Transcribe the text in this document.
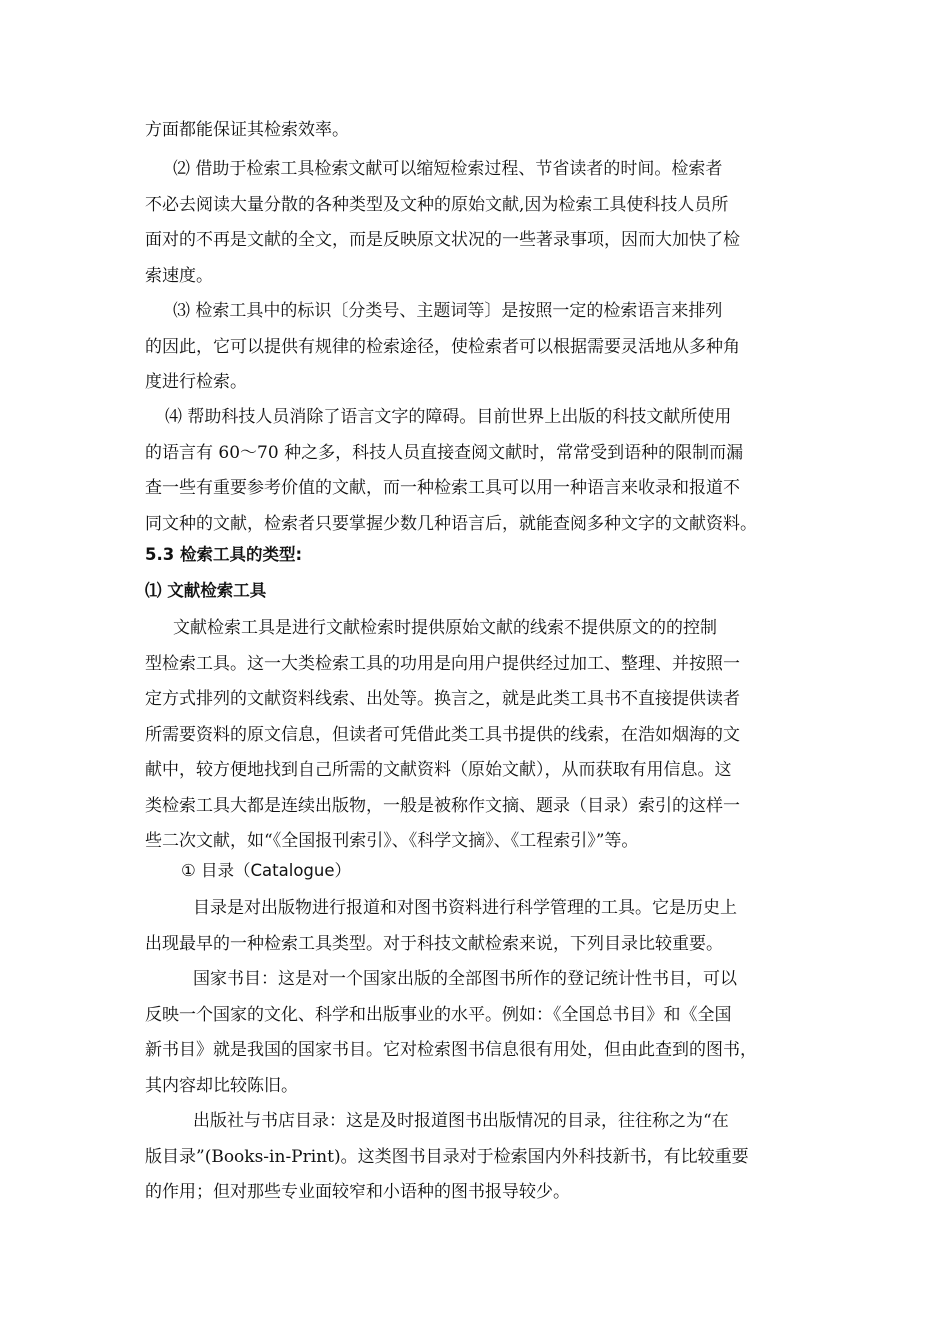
方面都能保证其检索效率。
⑵ 借助于检索工具检索文献可以缩短检索过程、节省读者的时间。检索者
不必去阅读大量分散的各种类型及文种的原始文献,因为检索工具使科技人员所
面对的不再是文献的全文，而是反映原文状况的一些著录事项，因而大加快了检
索速度。
⑶ 检索工具中的标识〔分类号、主题词等〕是按照一定的检索语言来排列
的因此，它可以提供有规律的检索途径，使检索者可以根据需要灵活地从多种角
度进行检索。
⑷ 帮助科技人员消除了语言文字的障碍。目前世界上出版的科技文献所使用
的语言有 60～70 种之多，科技人员直接查阅文献时，常常受到语种的限制而漏
查一些有重要参考价值的文献，而一种检索工具可以用一种语言来收录和报道不
同文种的文献，检索者只要掌握少数几种语言后，就能查阅多种文字的文献资料。
5.3 检索工具的类型:
⑴ 文献检索工具
文献检索工具是进行文献检索时提供原始文献的线索不提供原文的的控制
型检索工具。这一大类检索工具的功用是向用户提供经过加工、整理、并按照一
定方式排列的文献资料线索、出处等。换言之，就是此类工具书不直接提供读者
所需要资料的原文信息，但读者可凭借此类工具书提供的线索，在浩如烟海的文
献中，较方便地找到自己所需的文献资料（原始文献），从而获取有用信息。这
类检索工具大都是连续出版物，一般是被称作文摘、题录（目录）索引的这样一
些二次文献，如“《全国报刊索引》、《科学文摘》、《工程索引》”等。
① 目录（Catalogue）
目录是对出版物进行报道和对图书资料进行科学管理的工具。它是历史上
出现最早的一种检索工具类型。对于科技文献检索来说，下列目录比较重要。
国家书目：这是对一个国家出版的全部图书所作的登记统计性书目，可以
反映一个国家的文化、科学和出版事业的水平。例如：《全国总书目》和《全国
新书目》就是我国的国家书目。它对检索图书信息很有用处，但由此查到的图书，
其内容却比较陈旧。
出版社与书店目录：这是及时报道图书出版情况的目录，往往称之为“在
版目录”(Books-in-Print)。这类图书目录对于检索国内外科技新书，有比较重要
的作用；但对那些专业面较窄和小语种的图书报导较少。
